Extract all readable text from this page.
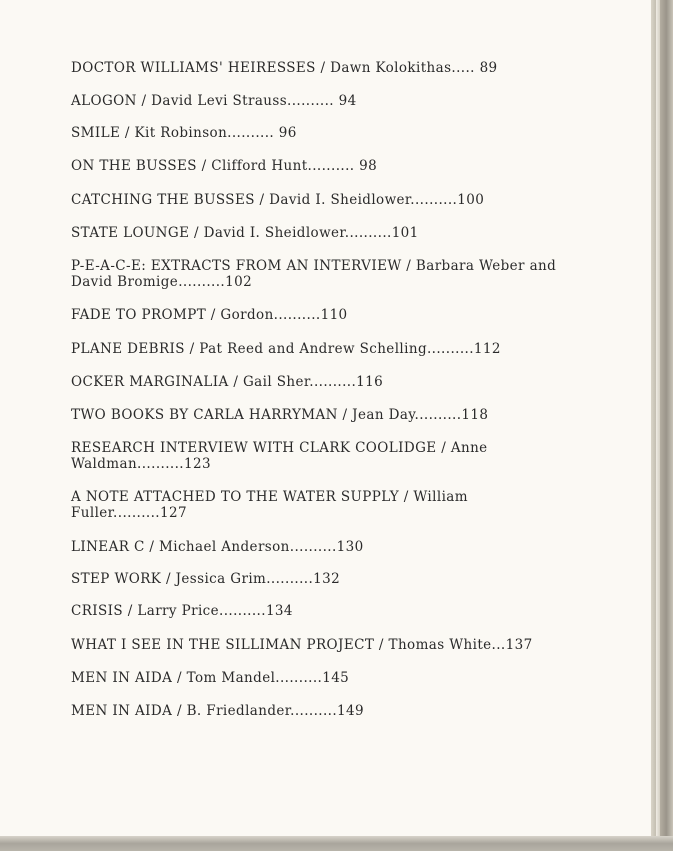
DOCTOR WILLIAMS' HEIRESSES / Dawn Kolokithas..... 89
ALOGON / David Levi Strauss.......... 94
SMILE / Kit Robinson.......... 96
ON THE BUSSES / Clifford Hunt.......... 98
CATCHING THE BUSSES / David I. Sheidlower..........100
STATE LOUNGE / David I. Sheidlower..........101
P-E-A-C-E: EXTRACTS FROM AN INTERVIEW / Barbara Weber and David Bromige..........102
FADE TO PROMPT / Gordon..........110
PLANE DEBRIS / Pat Reed and Andrew Schelling..........112
OCKER MARGINALIA / Gail Sher..........116
TWO BOOKS BY CARLA HARRYMAN / Jean Day..........118
RESEARCH INTERVIEW WITH CLARK COOLIDGE / Anne Waldman..........123
A NOTE ATTACHED TO THE WATER SUPPLY / William Fuller..........127
LINEAR C / Michael Anderson..........130
STEP WORK / Jessica Grim..........132
CRISIS / Larry Price..........134
WHAT I SEE IN THE SILLIMAN PROJECT / Thomas White...137
MEN IN AIDA / Tom Mandel..........145
MEN IN AIDA / B. Friedlander..........149
